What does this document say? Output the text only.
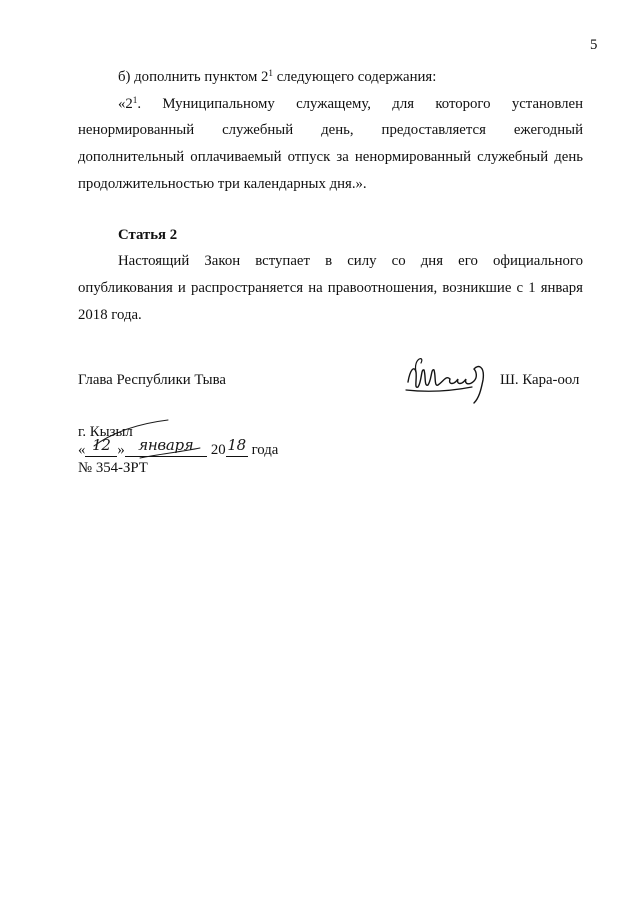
5
б) дополнить пунктом $2^1$ следующего содержания:
«$2^1$. Муниципальному служащему, для которого установлен
ненормированный служебный день, предоставляется ежегодный
дополнительный оплачиваемый отпуск за ненормированный служебный день
продолжительностью три календарных дня.».
Статья 2
Настоящий Закон вступает в силу со дня его официального
опубликования и распространяется на правоотношения, возникшие с 1 января
2018 года.
Глава Республики Тыва	Ш. Кара-оол
г. Кызыл
« 12 » января 20 18 года
№ 354-ЗРТ
